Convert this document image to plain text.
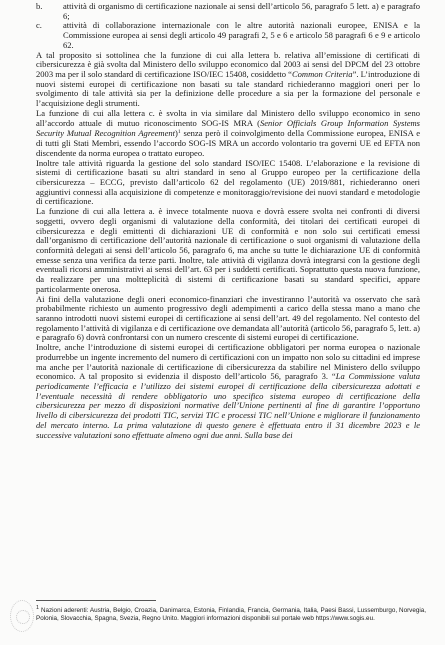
b.	attività di organismo di certificazione nazionale ai sensi dell’articolo 56, paragrafo 5 lett. a) e paragrafo 6;
c.	attività di collaborazione internazionale con le altre autorità nazionali europee, ENISA e la Commissione europea ai sensi degli articolo 49 paragrafi 2, 5 e 6 e articolo 58 paragrafi 6 e 9 e articolo 62.

A tal proposito si sottolinea che la funzione di cui alla lettera b. relativa all’emissione di certificati di cibersicurezza è già svolta dal Ministero dello sviluppo economico dal 2003 ai sensi del DPCM del 23 ottobre 2003 ma per il solo standard di certificazione ISO/IEC 15408, cosiddetto “Common Criteria”. L’introduzione di nuovi sistemi europei di certificazione non basati su tale standard richiederanno maggiori oneri per lo svolgimento di tale attività sia per la definizione delle procedure a sia per la formazione del personale e l’acquisizione degli strumenti.

La funzione di cui alla lettera c. è svolta in via similare dal Ministero dello sviluppo economico in seno all’accordo attuale di mutuo riconoscimento SOG-IS MRA (Senior Officials Group Information Systems Security Mutual Recognition Agreement)$^1$ senza però il coinvolgimento della Commissione europea, ENISA e di tutti gli Stati Membri, essendo l’accordo SOG-IS MRA un accordo volontario tra governi UE ed EFTA non discendente da norma europea o trattato europeo.

Inoltre tale attività riguarda la gestione del solo standard ISO/IEC 15408. L’elaborazione e la revisione di sistemi di certificazione basati su altri standard in seno al Gruppo europeo per la certificazione della cibersicurezza – ECCG, previsto dall’articolo 62 del regolamento (UE) 2019/881, richiederanno oneri aggiuntivi connessi alla acquisizione di competenze e monitoraggio/revisione dei nuovi standard e metodologie di certificazione.

La funzione di cui alla lettera a. è invece totalmente nuova e dovrà essere svolta nei confronti di diversi soggetti, ovvero degli organismi di valutazione della conformità, dei titolari dei certificati europei di cibersicurezza e degli emittenti di dichiarazioni UE di conformità e non solo sui certificati emessi dall’organismo di certificazione dell’autorità nazionale di certificazione o suoi organismi di valutazione della conformità delegati ai sensi dell’articolo 56, paragrafo 6, ma anche su tutte le dichiarazione UE di conformità emesse senza una verifica da terze parti. Inoltre, tale attività di vigilanza dovrà integrarsi con la gestione degli eventuali ricorsi amministrativi ai sensi dell’art. 63 per i suddetti certificati. Soprattutto questa nuova funzione, da realizzare per una moltteplicità di sistemi di certificazione basati su standard specifici, appare particolarmente onerosa.

Ai fini della valutazione degli oneri economico-finanziari che investiranno l’autorità va osservato che sarà probabilmente richiesto un aumento progressivo degli adempimenti a carico della stessa mano a mano che saranno introdotti nuovi sistemi europei di certificazione ai sensi dell’art. 49 del regolamento. Nel contesto del regolamento l’attività di vigilanza e di certificazione ove demandata all’autorità (articolo 56, paragrafo 5, lett. a) e paragrafo 6) dovrà confrontarsi con un numero crescente di sistemi europei di certificazione.

Inoltre, anche l’introduzione di sistemi europei di certificazione obbligatori per norma europea o nazionale produrrebbe un ingente incremento del numero di certificazioni con un impatto non solo su cittadini ed imprese ma anche per l’autorità nazionale di certificazione di cibersicurezza da stabilire nel Ministero dello sviluppo economico. A tal proposito si evidenzia il disposto dell’articolo 56, paragrafo 3. “La Commissione valuta periodicamente l’efficacia e l’utilizzo dei sistemi europei di certificazione della cibersicurezza adottati e l’eventuale necessità di rendere obbligatorio uno specifico sistema europeo di certificazione della cibersicurezza per mezzo di disposizioni normative dell’Unione pertinenti al fine di garantire l’opportuno livello di cibersicurezza dei prodotti TIC, servizi TIC e processi TIC nell’Unione e migliorare il funzionamento del mercato interno. La prima valutazione di questo genere è effettuata entro il 31 dicembre 2023 e le successive valutazioni sono effettuate almeno ogni due anni. Sulla base dei

1 Nazioni aderenti: Austria, Belgio, Croazia, Danimarca, Estonia, Finlandia, Francia, Germania, Italia, Paesi Bassi, Lussemburgo, Norvegia, Polonia, Slovacchia, Spagna, Svezia, Regno Unito. Maggiori informazioni disponibili sul portale web https://www.sogis.eu.
